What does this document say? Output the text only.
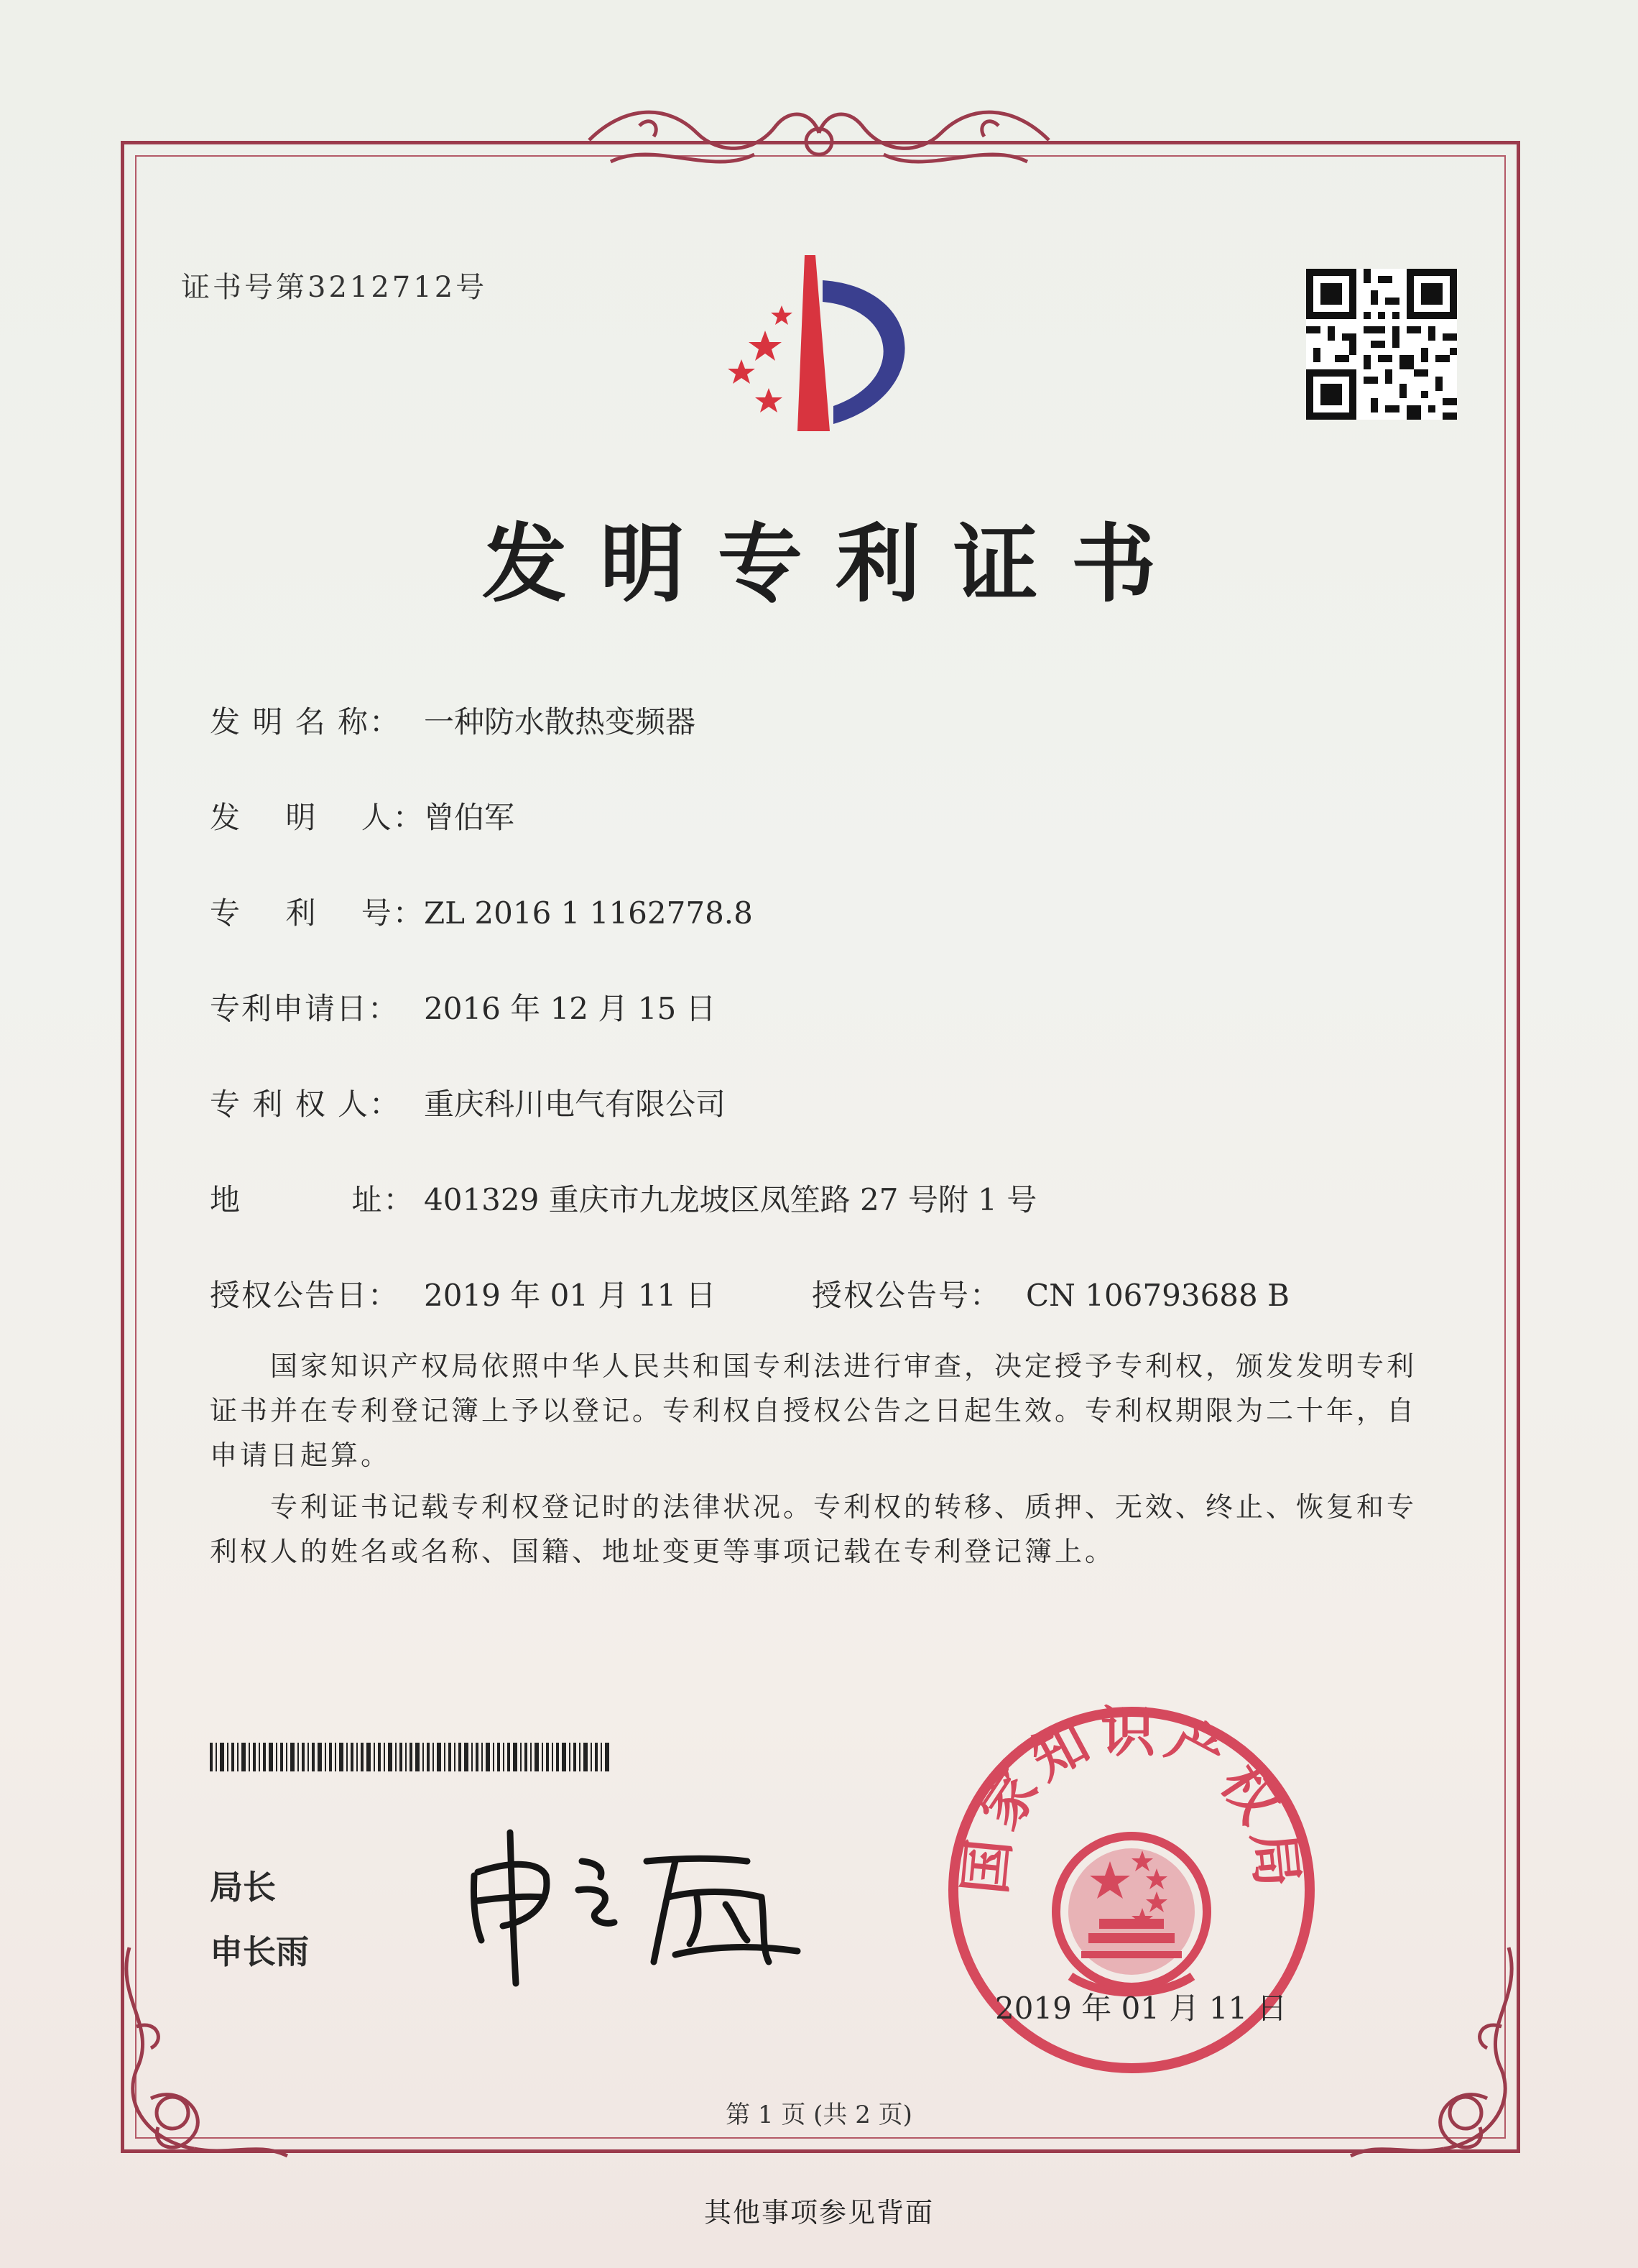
证书号第3212712号
发明专利证书
发 明 名 称： 一种防水散热变频器
发    明    人：曾伯军
专    利    号：ZL 2016 1 1162778.8
专利申请日： 2016 年 12 月 15 日
专 利 权 人： 重庆科川电气有限公司
地          址： 401329 重庆市九龙坡区凤笙路 27 号附 1 号
授权公告日： 2019 年 01 月 11 日	授权公告号： CN 106793688 B
国家知识产权局依照中华人民共和国专利法进行审查，决定授予专利权，颁发发明专利证书并在专利登记簿上予以登记。专利权自授权公告之日起生效。专利权期限为二十年，自申请日起算。
专利证书记载专利权登记时的法律状况。专利权的转移、质押、无效、终止、恢复和专利权人的姓名或名称、国籍、地址变更等事项记载在专利登记簿上。
局长
申长雨
国家知识产权局
2019 年 01 月 11 日
第 1 页 (共 2 页)
其他事项参见背面
